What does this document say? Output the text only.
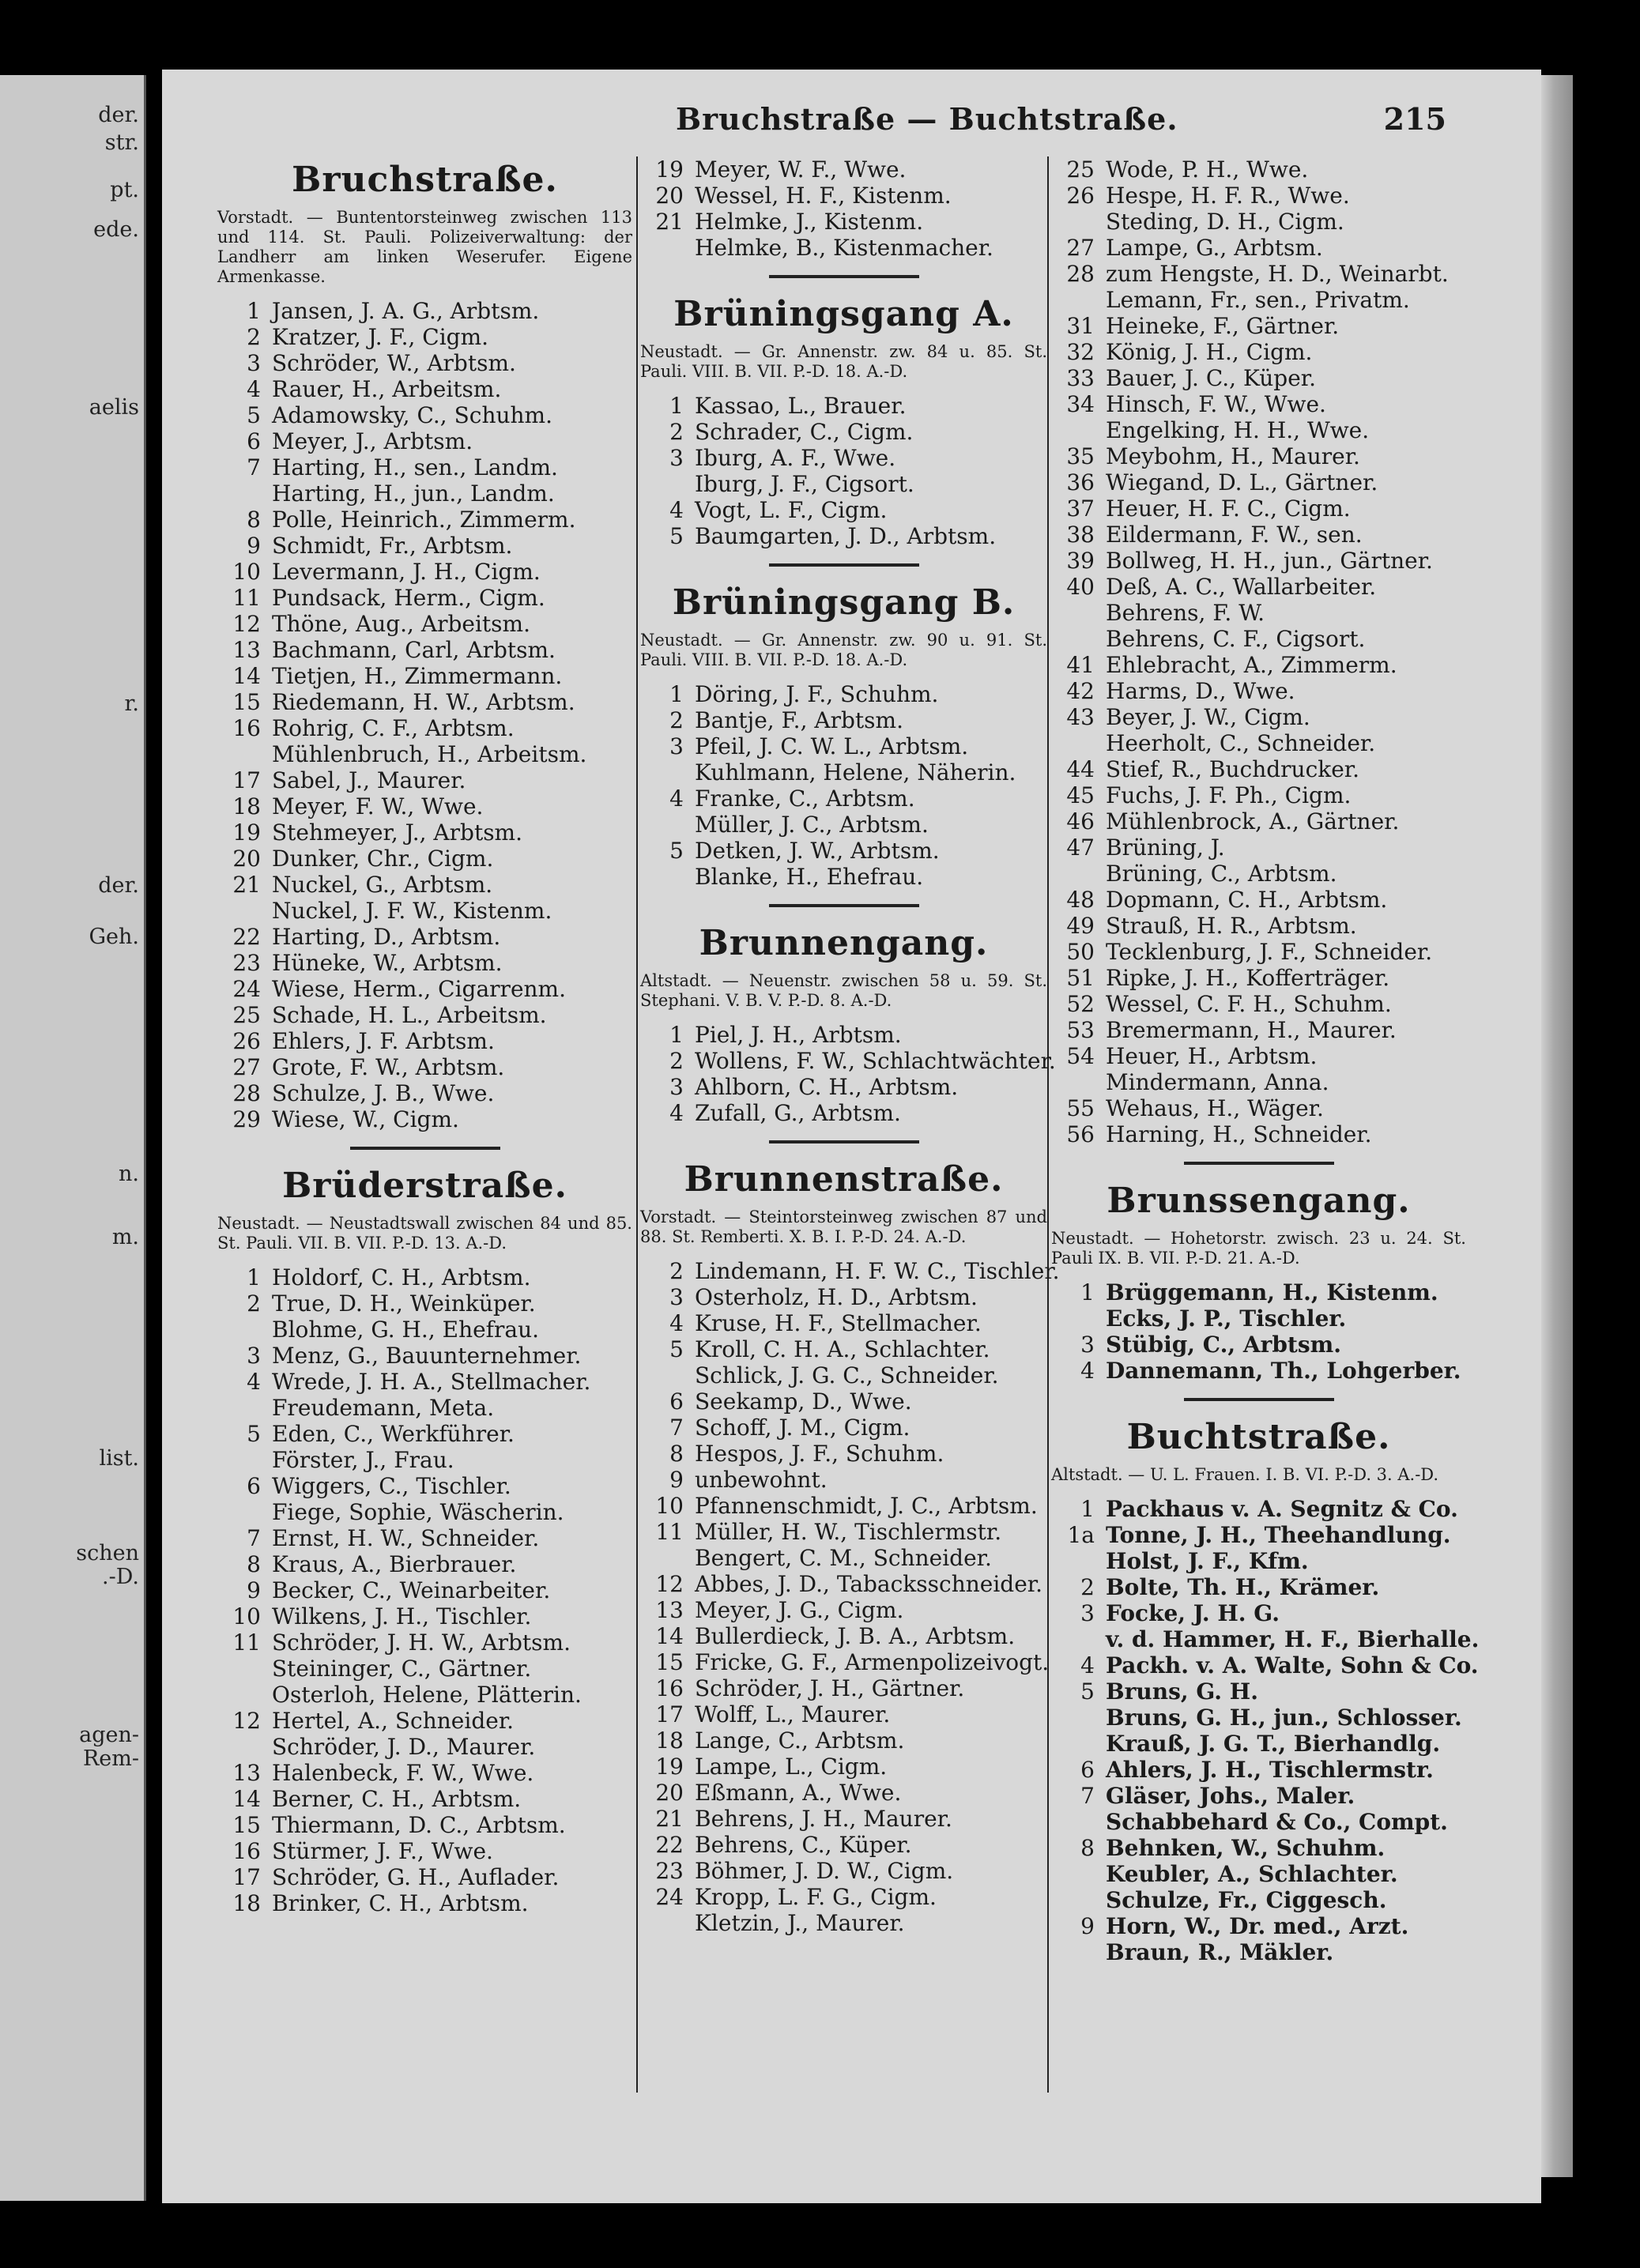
der.
str.
pt.
ede.
aelis
r.
der.
Geh.
n.
m.
list.
schen
.-D.
agen-
Rem-
Bruchstraße — Buchtstraße.	215
Bruchstraße.
Vorstadt. — Buntentorsteinweg zwischen 113 und 114. St. Pauli. Polizeiverwaltung: der Landherr am linken Weserufer. Eigene Armenkasse.
1 Jansen, J. A. G., Arbtsm.
2 Kratzer, J. F., Cigm.
3 Schröder, W., Arbtsm.
4 Rauer, H., Arbeitsm.
5 Adamowsky, C., Schuhm.
6 Meyer, J., Arbtsm.
7 Harting, H., sen., Landm.
Harting, H., jun., Landm.
8 Polle, Heinrich., Zimmerm.
9 Schmidt, Fr., Arbtsm.
10 Levermann, J. H., Cigm.
11 Pundsack, Herm., Cigm.
12 Thöne, Aug., Arbeitsm.
13 Bachmann, Carl, Arbtsm.
14 Tietjen, H., Zimmermann.
15 Riedemann, H. W., Arbtsm.
16 Rohrig, C. F., Arbtsm.
Mühlenbruch, H., Arbeitsm.
17 Sabel, J., Maurer.
18 Meyer, F. W., Wwe.
19 Stehmeyer, J., Arbtsm.
20 Dunker, Chr., Cigm.
21 Nuckel, G., Arbtsm.
Nuckel, J. F. W., Kistenm.
22 Harting, D., Arbtsm.
23 Hüneke, W., Arbtsm.
24 Wiese, Herm., Cigarrenm.
25 Schade, H. L., Arbeitsm.
26 Ehlers, J. F. Arbtsm.
27 Grote, F. W., Arbtsm.
28 Schulze, J. B., Wwe.
29 Wiese, W., Cigm.
Brüderstraße.
Neustadt. — Neustadtswall zwischen 84 und 85. St. Pauli. VII. B. VII. P.-D. 13. A.-D.
1 Holdorf, C. H., Arbtsm.
2 True, D. H., Weinküper.
Blohme, G. H., Ehefrau.
3 Menz, G., Bauunternehmer.
4 Wrede, J. H. A., Stellmacher.
Freudemann, Meta.
5 Eden, C., Werkführer.
Förster, J., Frau.
6 Wiggers, C., Tischler.
Fiege, Sophie, Wäscherin.
7 Ernst, H. W., Schneider.
8 Kraus, A., Bierbrauer.
9 Becker, C., Weinarbeiter.
10 Wilkens, J. H., Tischler.
11 Schröder, J. H. W., Arbtsm.
Steininger, C., Gärtner.
Osterloh, Helene, Plätterin.
12 Hertel, A., Schneider.
Schröder, J. D., Maurer.
13 Halenbeck, F. W., Wwe.
14 Berner, C. H., Arbtsm.
15 Thiermann, D. C., Arbtsm.
16 Stürmer, J. F., Wwe.
17 Schröder, G. H., Auflader.
18 Brinker, C. H., Arbtsm.
19 Meyer, W. F., Wwe.
20 Wessel, H. F., Kistenm.
21 Helmke, J., Kistenm.
Helmke, B., Kistenmacher.
Brüningsgang A.
Neustadt. — Gr. Annenstr. zw. 84 u. 85. St. Pauli. VIII. B. VII. P.-D. 18. A.-D.
1 Kassao, L., Brauer.
2 Schrader, C., Cigm.
3 Iburg, A. F., Wwe.
Iburg, J. F., Cigsort.
4 Vogt, L. F., Cigm.
5 Baumgarten, J. D., Arbtsm.
Brüningsgang B.
Neustadt. — Gr. Annenstr. zw. 90 u. 91. St. Pauli. VIII. B. VII. P.-D. 18. A.-D.
1 Döring, J. F., Schuhm.
2 Bantje, F., Arbtsm.
3 Pfeil, J. C. W. L., Arbtsm.
Kuhlmann, Helene, Näherin.
4 Franke, C., Arbtsm.
Müller, J. C., Arbtsm.
5 Detken, J. W., Arbtsm.
Blanke, H., Ehefrau.
Brunnengang.
Altstadt. — Neuenstr. zwischen 58 u. 59. St. Stephani. V. B. V. P.-D. 8. A.-D.
1 Piel, J. H., Arbtsm.
2 Wollens, F. W., Schlachtwächter.
3 Ahlborn, C. H., Arbtsm.
4 Zufall, G., Arbtsm.
Brunnenstraße.
Vorstadt. — Steintorsteinweg zwischen 87 und 88. St. Remberti. X. B. I. P.-D. 24. A.-D.
2 Lindemann, H. F. W. C., Tischler.
3 Osterholz, H. D., Arbtsm.
4 Kruse, H. F., Stellmacher.
5 Kroll, C. H. A., Schlachter.
Schlick, J. G. C., Schneider.
6 Seekamp, D., Wwe.
7 Schoff, J. M., Cigm.
8 Hespos, J. F., Schuhm.
9 unbewohnt.
10 Pfannenschmidt, J. C., Arbtsm.
11 Müller, H. W., Tischlermstr.
Bengert, C. M., Schneider.
12 Abbes, J. D., Tabacksschneider.
13 Meyer, J. G., Cigm.
14 Bullerdieck, J. B. A., Arbtsm.
15 Fricke, G. F., Armenpolizeivogt.
16 Schröder, J. H., Gärtner.
17 Wolff, L., Maurer.
18 Lange, C., Arbtsm.
19 Lampe, L., Cigm.
20 Eßmann, A., Wwe.
21 Behrens, J. H., Maurer.
22 Behrens, C., Küper.
23 Böhmer, J. D. W., Cigm.
24 Kropp, L. F. G., Cigm.
Kletzin, J., Maurer.
25 Wode, P. H., Wwe.
26 Hespe, H. F. R., Wwe.
Steding, D. H., Cigm.
27 Lampe, G., Arbtsm.
28 zum Hengste, H. D., Weinarbt.
Lemann, Fr., sen., Privatm.
31 Heineke, F., Gärtner.
32 König, J. H., Cigm.
33 Bauer, J. C., Küper.
34 Hinsch, F. W., Wwe.
Engelking, H. H., Wwe.
35 Meybohm, H., Maurer.
36 Wiegand, D. L., Gärtner.
37 Heuer, H. F. C., Cigm.
38 Eildermann, F. W., sen.
39 Bollweg, H. H., jun., Gärtner.
40 Deß, A. C., Wallarbeiter.
Behrens, F. W.
Behrens, C. F., Cigsort.
41 Ehlebracht, A., Zimmerm.
42 Harms, D., Wwe.
43 Beyer, J. W., Cigm.
Heerholt, C., Schneider.
44 Stief, R., Buchdrucker.
45 Fuchs, J. F. Ph., Cigm.
46 Mühlenbrock, A., Gärtner.
47 Brüning, J.
Brüning, C., Arbtsm.
48 Dopmann, C. H., Arbtsm.
49 Strauß, H. R., Arbtsm.
50 Tecklenburg, J. F., Schneider.
51 Ripke, J. H., Kofferträger.
52 Wessel, C. F. H., Schuhm.
53 Bremermann, H., Maurer.
54 Heuer, H., Arbtsm.
Mindermann, Anna.
55 Wehaus, H., Wäger.
56 Harning, H., Schneider.
Brunssengang.
Neustadt. — Hohetorstr. zwisch. 23 u. 24. St. Pauli IX. B. VII. P.-D. 21. A.-D.
1 Brüggemann, H., Kistenm.
Ecks, J. P., Tischler.
3 Stübig, C., Arbtsm.
4 Dannemann, Th., Lohgerber.
Buchtstraße.
Altstadt. — U. L. Frauen. I. B. VI. P.-D. 3. A.-D.
1 Packhaus v. A. Segnitz & Co.
1a Tonne, J. H., Theehandlung.
Holst, J. F., Kfm.
2 Bolte, Th. H., Krämer.
3 Focke, J. H. G.
v. d. Hammer, H. F., Bierhalle.
4 Packh. v. A. Walte, Sohn & Co.
5 Bruns, G. H.
Bruns, G. H., jun., Schlosser.
Krauß, J. G. T., Bierhandlg.
6 Ahlers, J. H., Tischlermstr.
7 Gläser, Johs., Maler.
Schabbehard & Co., Compt.
8 Behnken, W., Schuhm.
Keubler, A., Schlachter.
Schulze, Fr., Ciggesch.
9 Horn, W., Dr. med., Arzt.
Braun, R., Mäkler.
